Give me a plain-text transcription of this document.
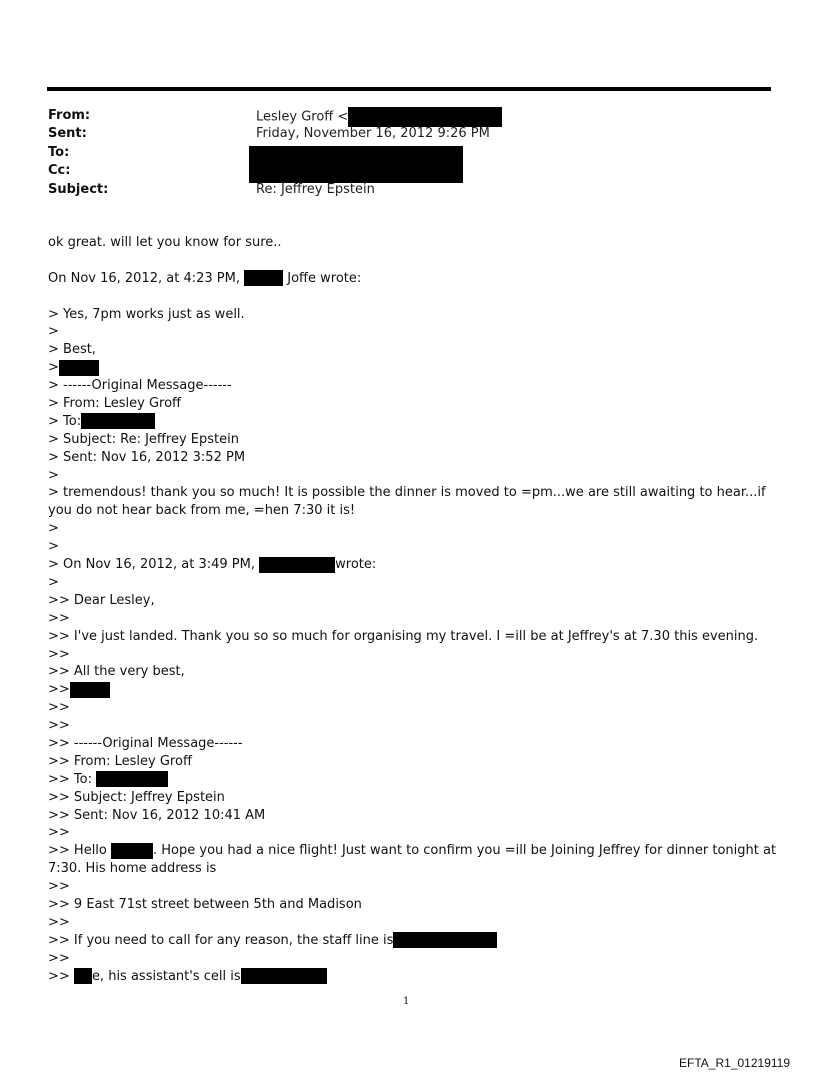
From:	Lesley Groff <
Sent:	Friday, November 16, 2012 9:26 PM
To:
Cc:
Subject:	Re: Jeffrey Epstein
ok great. will let you know for sure..
On Nov 16, 2012, at 4:23 PM,	Joffe wrote:
> Yes, 7pm works just as well.
>
> Best,
>
> ------Original Message------
> From: Lesley Groff
> To:
> Subject: Re: Jeffrey Epstein
> Sent: Nov 16, 2012 3:52 PM
>
> tremendous! thank you so much! It is possible the dinner is moved to =pm...we are still awaiting to hear...if you do not hear back from me, =hen 7:30 it is!
>
>
> On Nov 16, 2012, at 3:49 PM,	wrote:
>
>> Dear Lesley,
>>
>> I've just landed. Thank you so so much for organising my travel. I =ill be at Jeffrey's at 7.30 this evening.
>>
>> All the very best,
>>
>>
>>
>> ------Original Message------
>> From: Lesley Groff
>> To:
>> Subject: Jeffrey Epstein
>> Sent: Nov 16, 2012 10:41 AM
>>
>> Hello	. Hope you had a nice flight! Just want to confirm you =ill be Joining Jeffrey for dinner tonight at 7:30. His home address is
>>
>> 9 East 71st street between 5th and Madison
>>
>> If you need to call for any reason, the staff line is
>>
>> e, his assistant's cell is
1
EFTA_R1_01219119
